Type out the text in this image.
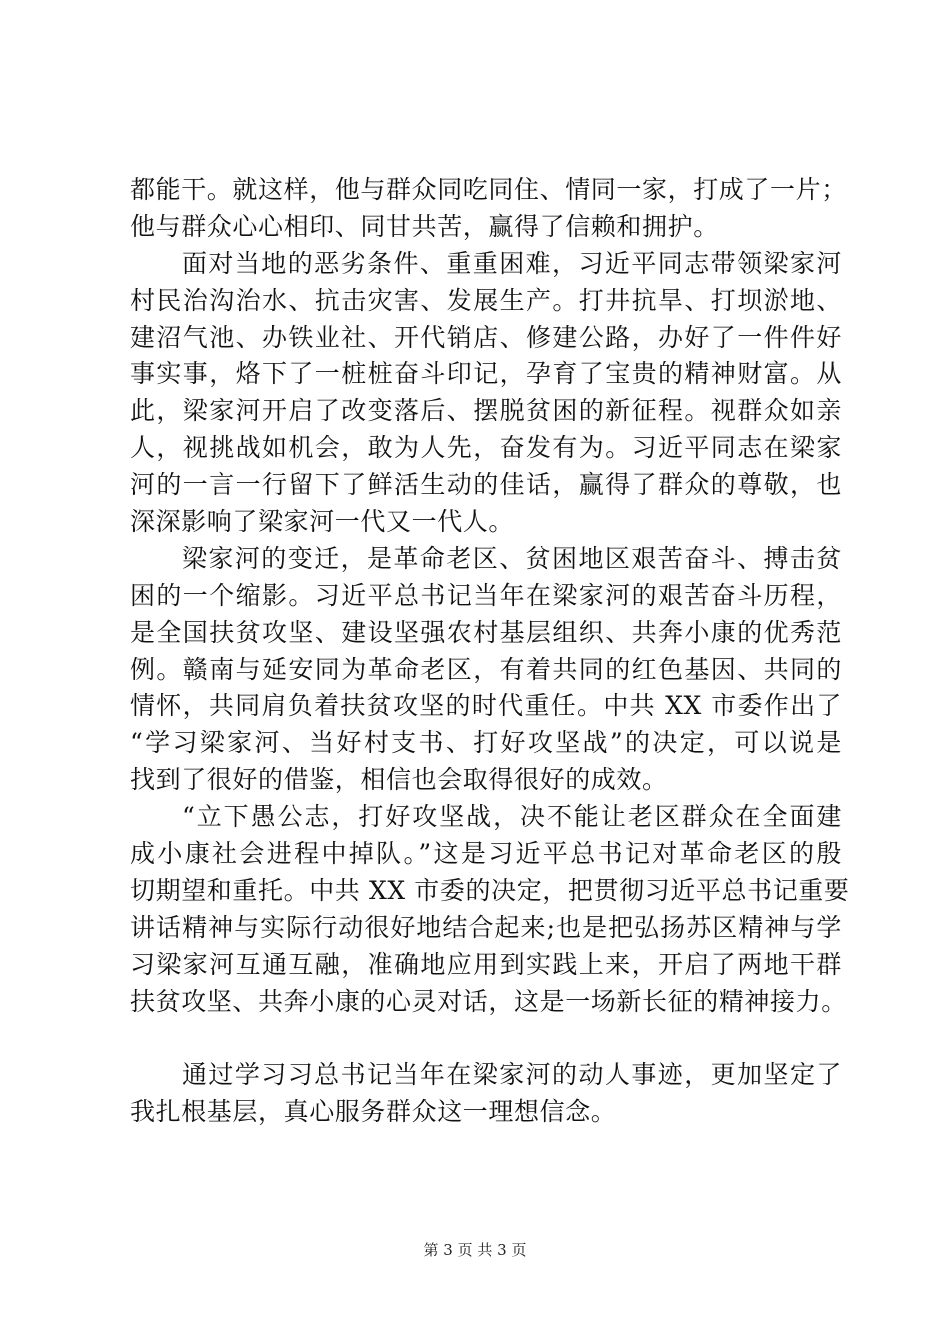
都能干。就这样，他与群众同吃同住、情同一家，打成了一片；
他与群众心心相印、同甘共苦，赢得了信赖和拥护。
面对当地的恶劣条件、重重困难，习近平同志带领梁家河
村民治沟治水、抗击灾害、发展生产。打井抗旱、打坝淤地、
建沼气池、办铁业社、开代销店、修建公路，办好了一件件好
事实事，烙下了一桩桩奋斗印记，孕育了宝贵的精神财富。从
此，梁家河开启了改变落后、摆脱贫困的新征程。视群众如亲
人，视挑战如机会，敢为人先，奋发有为。习近平同志在梁家
河的一言一行留下了鲜活生动的佳话，赢得了群众的尊敬，也
深深影响了梁家河一代又一代人。
梁家河的变迁，是革命老区、贫困地区艰苦奋斗、搏击贫
困的一个缩影。习近平总书记当年在梁家河的艰苦奋斗历程，
是全国扶贫攻坚、建设坚强农村基层组织、共奔小康的优秀范
例。赣南与延安同为革命老区，有着共同的红色基因、共同的
情怀，共同肩负着扶贫攻坚的时代重任。中共 XX 市委作出了
“学习梁家河、当好村支书、打好攻坚战”的决定，可以说是
找到了很好的借鉴，相信也会取得很好的成效。
“立下愚公志，打好攻坚战，决不能让老区群众在全面建
成小康社会进程中掉队。”这是习近平总书记对革命老区的殷
切期望和重托。中共 XX 市委的决定，把贯彻习近平总书记重要
讲话精神与实际行动很好地结合起来;也是把弘扬苏区精神与学
习梁家河互通互融，准确地应用到实践上来，开启了两地干群
扶贫攻坚、共奔小康的心灵对话，这是一场新长征的精神接力。
通过学习习总书记当年在梁家河的动人事迹，更加坚定了
我扎根基层，真心服务群众这一理想信念。
第 3 页 共 3 页
